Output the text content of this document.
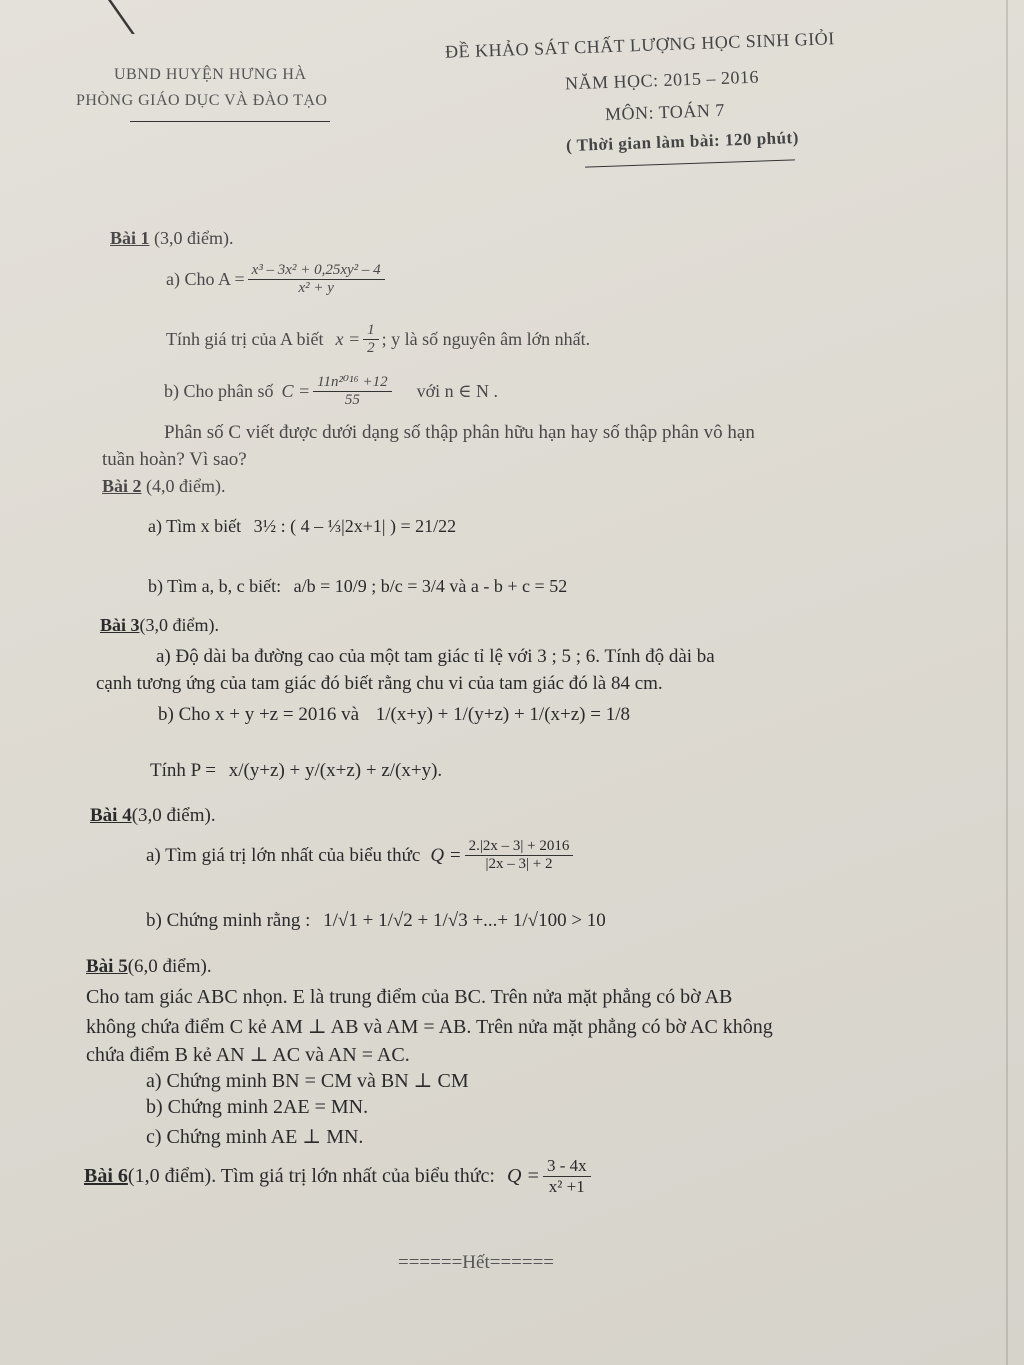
UBND HUYỆN HƯNG HÀ
PHÒNG GIÁO DỤC VÀ ĐÀO TẠO
ĐỀ KHẢO SÁT CHẤT LƯỢNG HỌC SINH GIỎI
NĂM HỌC: 2015 – 2016
MÔN: TOÁN 7
( Thời gian làm bài: 120 phút)
Bài 1 (3,0 điểm).
a) Cho $A = \frac{\text{x³ – 3x² + 0,25xy² – 4}}{\text{x² + y}}$
Tính giá trị của A biết $x = \frac{1}{2}$ ; y là số nguyên âm lớn nhất.
b) Cho phân số $C = \frac{\text{11n²⁰¹⁶ +12}}{55}$ với n ∈ N .
Phân số C viết được dưới dạng số thập phân hữu hạn hay số thập phân vô hạn
tuần hoàn? Vì sao?
Bài 2 (4,0 điểm).
a) Tìm x biết 3½ : ( 4 – ⅓|2x+1| ) = 21/22
b) Tìm a, b, c biết: a/b = 10/9 ; b/c = 3/4 và a - b + c = 52
Bài 3(3,0 điểm).
a) Độ dài ba đường cao của một tam giác tỉ lệ với 3 ; 5 ; 6. Tính độ dài ba
cạnh tương ứng của tam giác đó biết rằng chu vi của tam giác đó là 84 cm.
b) Cho x + y +z = 2016 và 1/(x+y) + 1/(y+z) + 1/(x+z) = 1/8
Tính P = x/(y+z) + y/(x+z) + z/(x+y).
Bài 4(3,0 điểm).
a) Tìm giá trị lớn nhất của biểu thức $Q = \frac{2.|2x - 3| + 2016}{|2x - 3| + 2}$
b) Chứng minh rằng : 1/√1 + 1/√2 + 1/√3 +...+ 1/√100 > 10
Bài 5(6,0 điểm).
Cho tam giác ABC nhọn. E là trung điểm của BC. Trên nửa mặt phẳng có bờ AB
không chứa điểm C kẻ AM ⊥ AB và AM = AB. Trên nửa mặt phẳng có bờ AC không
chứa điểm B kẻ AN ⊥ AC và AN = AC.
a) Chứng minh BN = CM và BN ⊥ CM
b) Chứng minh 2AE = MN.
c) Chứng minh AE ⊥ MN.
Bài 6 (1,0 điểm). Tìm giá trị lớn nhất của biểu thức: $Q = \frac{3 - 4x}{\text{x² +1}}$
======Hết======
